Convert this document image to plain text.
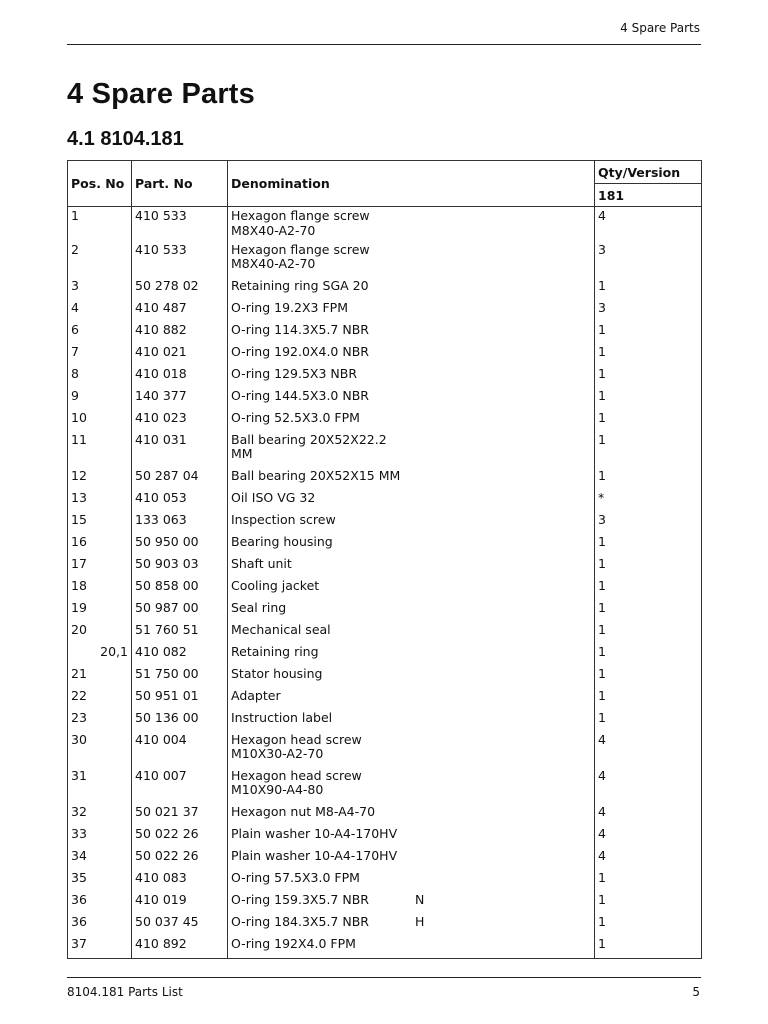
4 Spare Parts
4 Spare Parts
4.1 8104.181
Pos. No	Part. No	Denomination	Qty/Version
			181
1	410 533	Hexagon flange screw
M8X40-A2-70	4
2	410 533	Hexagon flange screw
M8X40-A2-70	3
3	50 278 02	Retaining ring SGA 20	1
4	410 487	O-ring 19.2X3 FPM	3
6	410 882	O-ring 114.3X5.7 NBR	1
7	410 021	O-ring 192.0X4.0 NBR	1
8	410 018	O-ring 129.5X3 NBR	1
9	140 377	O-ring 144.5X3.0 NBR	1
10	410 023	O-ring 52.5X3.0 FPM	1
11	410 031	Ball bearing 20X52X22.2
MM	1
12	50 287 04	Ball bearing 20X52X15 MM	1
13	410 053	Oil ISO VG 32	*
15	133 063	Inspection screw	3
16	50 950 00	Bearing housing	1
17	50 903 03	Shaft unit	1
18	50 858 00	Cooling jacket	1
19	50 987 00	Seal ring	1
20	51 760 51	Mechanical seal	1
20,1	410 082	Retaining ring	1
21	51 750 00	Stator housing	1
22	50 951 01	Adapter	1
23	50 136 00	Instruction label	1
30	410 004	Hexagon head screw
M10X30-A2-70	4
31	410 007	Hexagon head screw
M10X90-A4-80	4
32	50 021 37	Hexagon nut M8-A4-70	4
33	50 022 26	Plain washer 10-A4-170HV	4
34	50 022 26	Plain washer 10-A4-170HV	4
35	410 083	O-ring 57.5X3.0 FPM	1
36	410 019	O-ring 159.3X5.7 NBR N	1
36	50 037 45	O-ring 184.3X5.7 NBR H	1
37	410 892	O-ring 192X4.0 FPM	1
8104.181 Parts List	5
